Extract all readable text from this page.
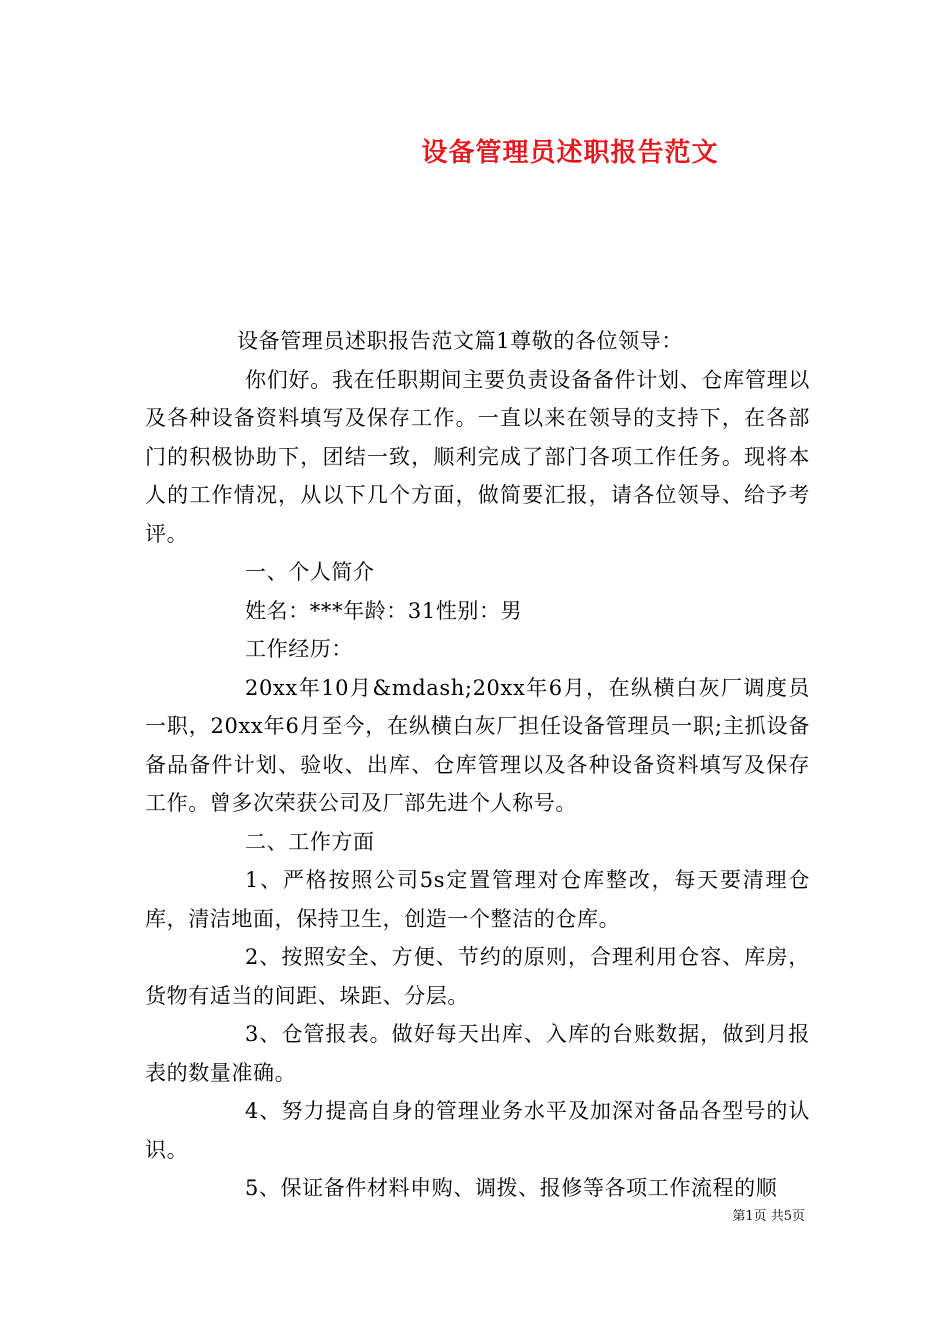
设备管理员述职报告范文

设备管理员述职报告范文篇1尊敬的各位领导：

你们好。我在任职期间主要负责设备备件计划、仓库管理以及各种设备资料填写及保存工作。一直以来在领导的支持下，在各部门的积极协助下，团结一致，顺利完成了部门各项工作任务。现将本人的工作情况，从以下几个方面，做简要汇报，请各位领导、给予考评。

一、个人简介

姓名：***年龄：31性别：男

工作经历：

20xx年10月&mdash;20xx年6月，在纵横白灰厂调度员一职，20xx年6月至今，在纵横白灰厂担任设备管理员一职;主抓设备备品备件计划、验收、出库、仓库管理以及各种设备资料填写及保存工作。曾多次荣获公司及厂部先进个人称号。

二、工作方面

1、严格按照公司5s定置管理对仓库整改，每天要清理仓库，清洁地面，保持卫生，创造一个整洁的仓库。

2、按照安全、方便、节约的原则，合理利用仓容、库房，货物有适当的间距、垛距、分层。

3、仓管报表。做好每天出库、入库的台账数据，做到月报表的数量准确。

4、努力提高自身的管理业务水平及加深对备品各型号的认识。

5、保证备件材料申购、调拨、报修等各项工作流程的顺

第1页 共5页
